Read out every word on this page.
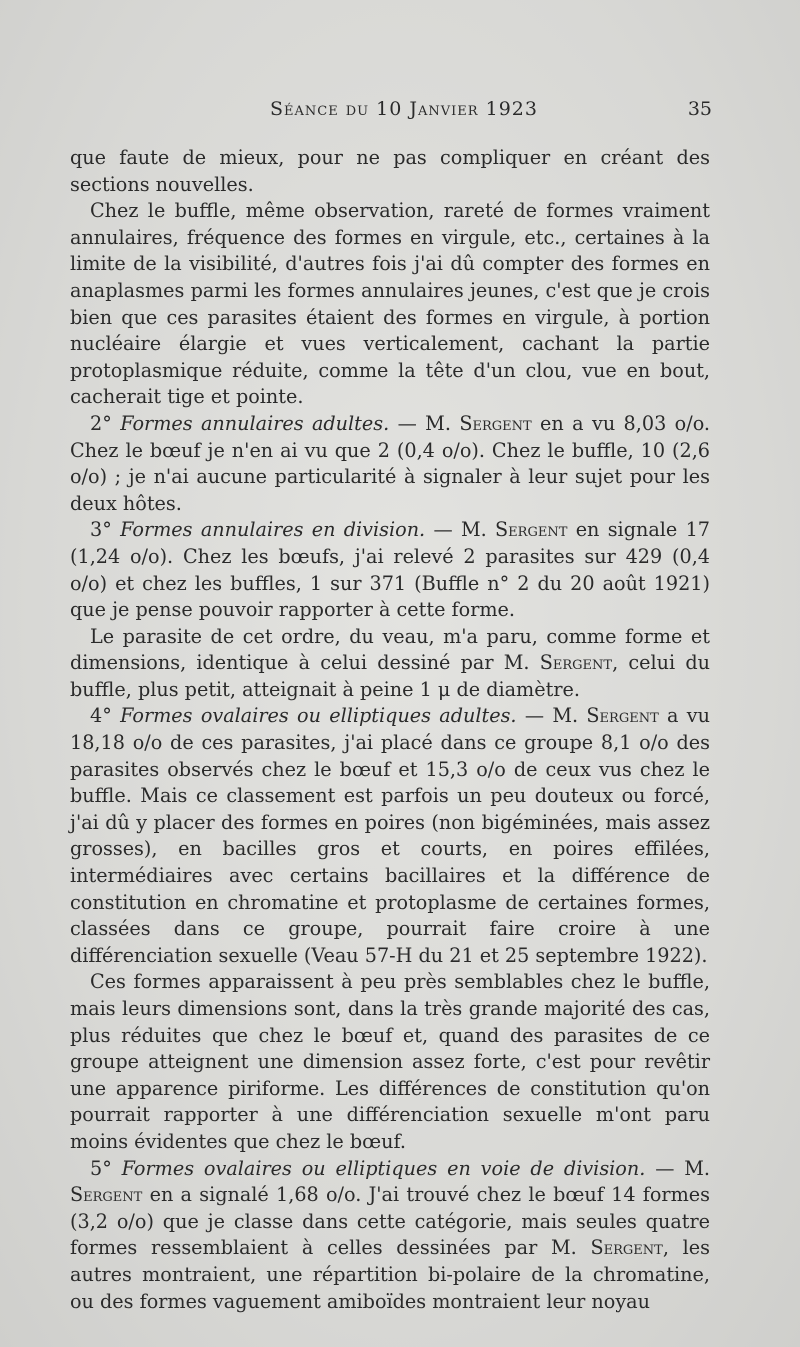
Séance du 10 Janvier 1923	35

que faute de mieux, pour ne pas compliquer en créant des sections nouvelles.

Chez le buffle, même observation, rareté de formes vraiment annulaires, fréquence des formes en virgule, etc., certaines à la limite de la visibilité, d'autres fois j'ai dû compter des formes en anaplasmes parmi les formes annulaires jeunes, c'est que je crois bien que ces parasites étaient des formes en virgule, à portion nucléaire élargie et vues verticalement, cachant la partie protoplasmique réduite, comme la tête d'un clou, vue en bout, cacherait tige et pointe.

2° Formes annulaires adultes. — M. Sergent en a vu 8,03 o/o. Chez le bœuf je n'en ai vu que 2 (0,4 o/o). Chez le buffle, 10 (2,6 o/o) ; je n'ai aucune particularité à signaler à leur sujet pour les deux hôtes.

3° Formes annulaires en division. — M. Sergent en signale 17 (1,24 o/o). Chez les bœufs, j'ai relevé 2 parasites sur 429 (0,4 o/o) et chez les buffles, 1 sur 371 (Buffle n° 2 du 20 août 1921) que je pense pouvoir rapporter à cette forme.

Le parasite de cet ordre, du veau, m'a paru, comme forme et dimensions, identique à celui dessiné par M. Sergent, celui du buffle, plus petit, atteignait à peine 1 μ de diamètre.

4° Formes ovalaires ou elliptiques adultes. — M. Sergent a vu 18,18 o/o de ces parasites, j'ai placé dans ce groupe 8,1 o/o des parasites observés chez le bœuf et 15,3 o/o de ceux vus chez le buffle. Mais ce classement est parfois un peu douteux ou forcé, j'ai dû y placer des formes en poires (non bigéminées, mais assez grosses), en bacilles gros et courts, en poires effilées, intermédiaires avec certains bacillaires et la différence de constitution en chromatine et protoplasme de certaines formes, classées dans ce groupe, pourrait faire croire à une différenciation sexuelle (Veau 57-H du 21 et 25 septembre 1922).

Ces formes apparaissent à peu près semblables chez le buffle, mais leurs dimensions sont, dans la très grande majorité des cas, plus réduites que chez le bœuf et, quand des parasites de ce groupe atteignent une dimension assez forte, c'est pour revêtir une apparence piriforme. Les différences de constitution qu'on pourrait rapporter à une différenciation sexuelle m'ont paru moins évidentes que chez le bœuf.

5° Formes ovalaires ou elliptiques en voie de division. — M. Sergent en a signalé 1,68 o/o. J'ai trouvé chez le bœuf 14 formes (3,2 o/o) que je classe dans cette catégorie, mais seules quatre formes ressemblaient à celles dessinées par M. Sergent, les autres montraient, une répartition bi-polaire de la chromatine, ou des formes vaguement amiboïdes montraient leur noyau
